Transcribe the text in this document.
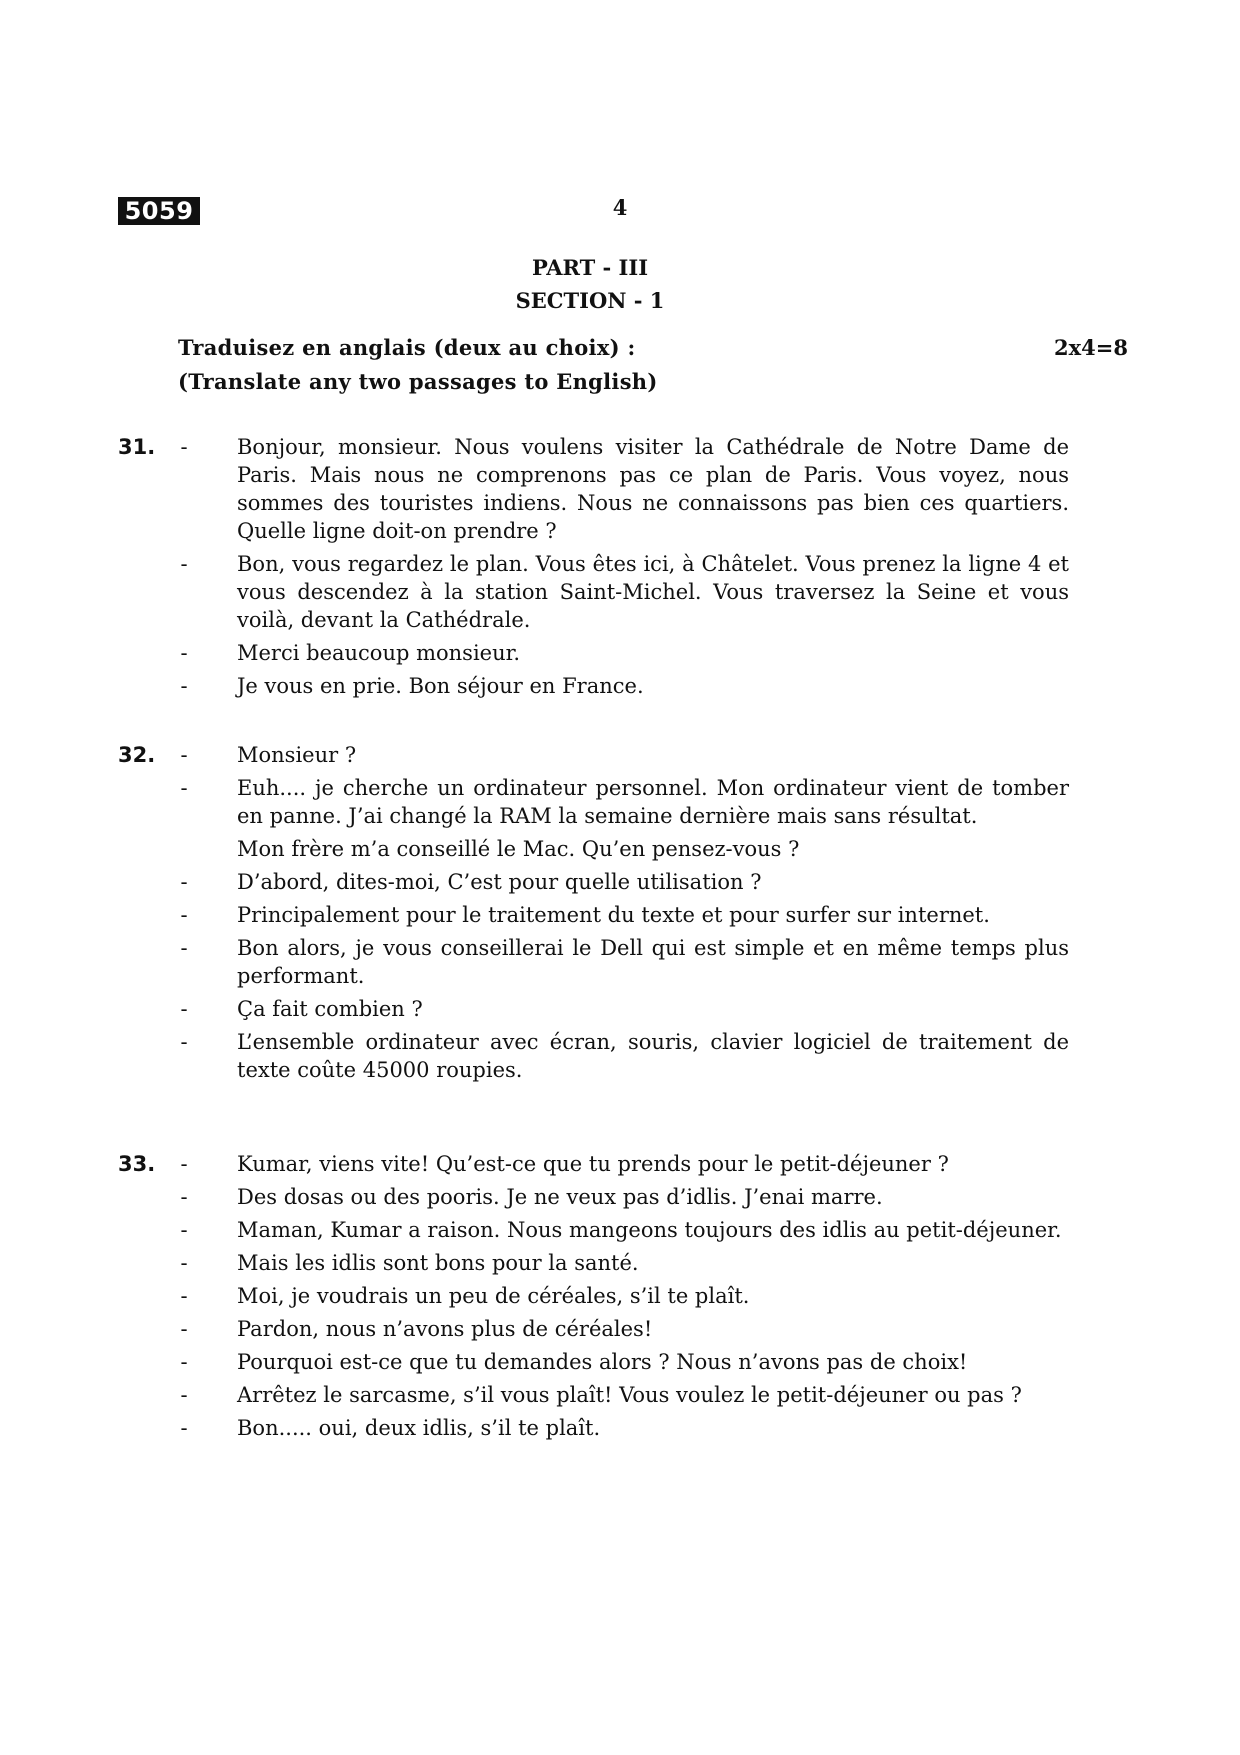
5059	4
PART - III
SECTION - 1
Traduisez en anglais (deux au choix) :
(Translate any two passages to English)
2x4=8
31. - Bonjour, monsieur. Nous voulens visiter la Cathédrale de Notre Dame de Paris. Mais nous ne comprenons pas ce plan de Paris. Vous voyez, nous sommes des touristes indiens. Nous ne connaissons pas bien ces quartiers. Quelle ligne doit-on prendre ?
- Bon, vous regardez le plan. Vous êtes ici, à Châtelet. Vous prenez la ligne 4 et vous descendez à la station Saint-Michel. Vous traversez la Seine et vous voilà, devant la Cathédrale.
- Merci beaucoup monsieur.
- Je vous en prie. Bon séjour en France.
32. - Monsieur ?
- Euh.... je cherche un ordinateur personnel. Mon ordinateur vient de tomber en panne. J’ai changé la RAM la semaine dernière mais sans résultat.
Mon frère m’a conseillé le Mac. Qu’en pensez-vous ?
- D’abord, dites-moi, C’est pour quelle utilisation ?
- Principalement pour le traitement du texte et pour surfer sur internet.
- Bon alors, je vous conseillerai le Dell qui est simple et en même temps plus performant.
- Ça fait combien ?
- L’ensemble ordinateur avec écran, souris, clavier logiciel de traitement de texte coûte 45000 roupies.
33. - Kumar, viens vite! Qu’est-ce que tu prends pour le petit-déjeuner ?
- Des dosas ou des pooris. Je ne veux pas d’idlis. J’enai marre.
- Maman, Kumar a raison. Nous mangeons toujours des idlis au petit-déjeuner.
- Mais les idlis sont bons pour la santé.
- Moi, je voudrais un peu de céréales, s’il te plaît.
- Pardon, nous n’avons plus de céréales!
- Pourquoi est-ce que tu demandes alors ? Nous n’avons pas de choix!
- Arrêtez le sarcasme, s’il vous plaît! Vous voulez le petit-déjeuner ou pas ?
- Bon..... oui, deux idlis, s’il te plaît.
